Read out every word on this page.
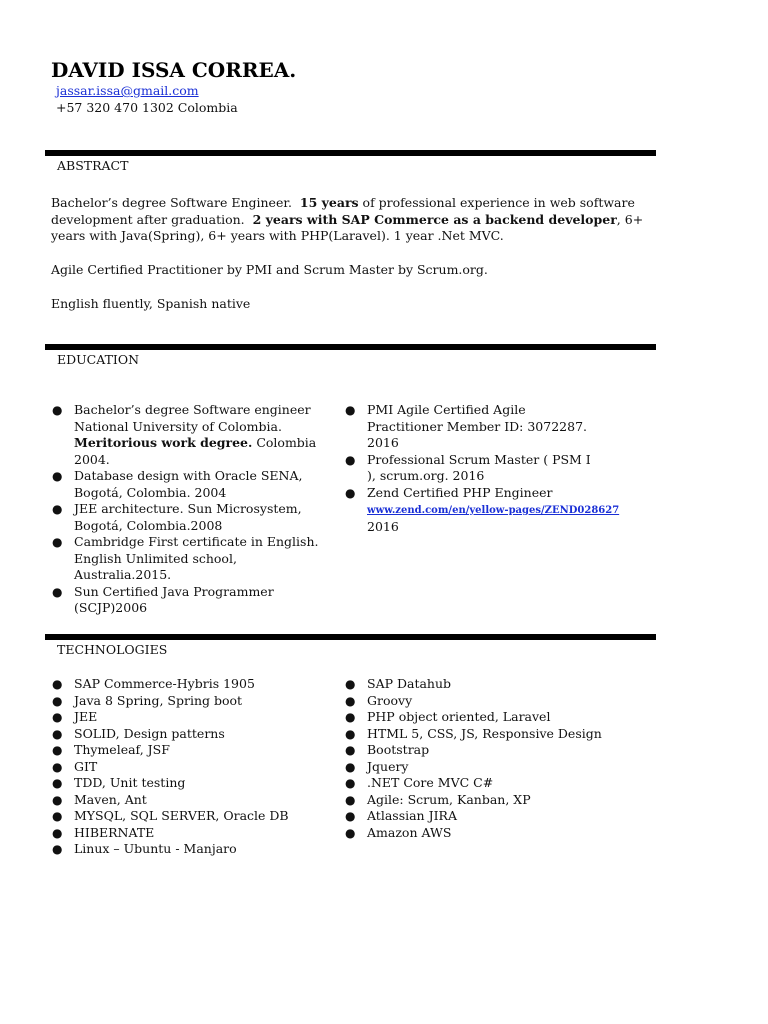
DAVID ISSA CORREA.
jassar.issa@gmail.com
+57 320 470 1302 Colombia
ABSTRACT
Bachelor’s degree Software Engineer. 15 years of professional experience in web software development after graduation. 2 years with SAP Commerce as a backend developer, 6+ years with Java(Spring), 6+ years with PHP(Laravel). 1 year .Net MVC.
Agile Certified Practitioner by PMI and Scrum Master by Scrum.org.
English fluently, Spanish native
EDUCATION
● Bachelor’s degree Software engineer National University of Colombia.
Meritorious work degree. Colombia 2004.
● Database design with Oracle SENA, Bogotá, Colombia. 2004
● JEE architecture. Sun Microsystem, Bogotá, Colombia.2008
● Cambridge First certificate in English. English Unlimited school, Australia.2015.
● Sun Certified Java Programmer (SCJP)2006
● PMI Agile Certified Agile Practitioner Member ID: 3072287. 2016
● Professional Scrum Master ( PSM I ), scrum.org. 2016
● Zend Certified PHP Engineer
www.zend.com/en/yellow-pages/ZEND028627
2016
TECHNOLOGIES
● SAP Commerce-Hybris 1905
● Java 8 Spring, Spring boot
● JEE
● SOLID, Design patterns
● Thymeleaf, JSF
● GIT
● TDD, Unit testing
● Maven, Ant
● MYSQL, SQL SERVER, Oracle DB
● HIBERNATE
● Linux – Ubuntu - Manjaro
● SAP Datahub
● Groovy
● PHP object oriented, Laravel
● HTML 5, CSS, JS, Responsive Design
● Bootstrap
● Jquery
● .NET Core MVC C#
● Agile: Scrum, Kanban, XP
● Atlassian JIRA
● Amazon AWS
